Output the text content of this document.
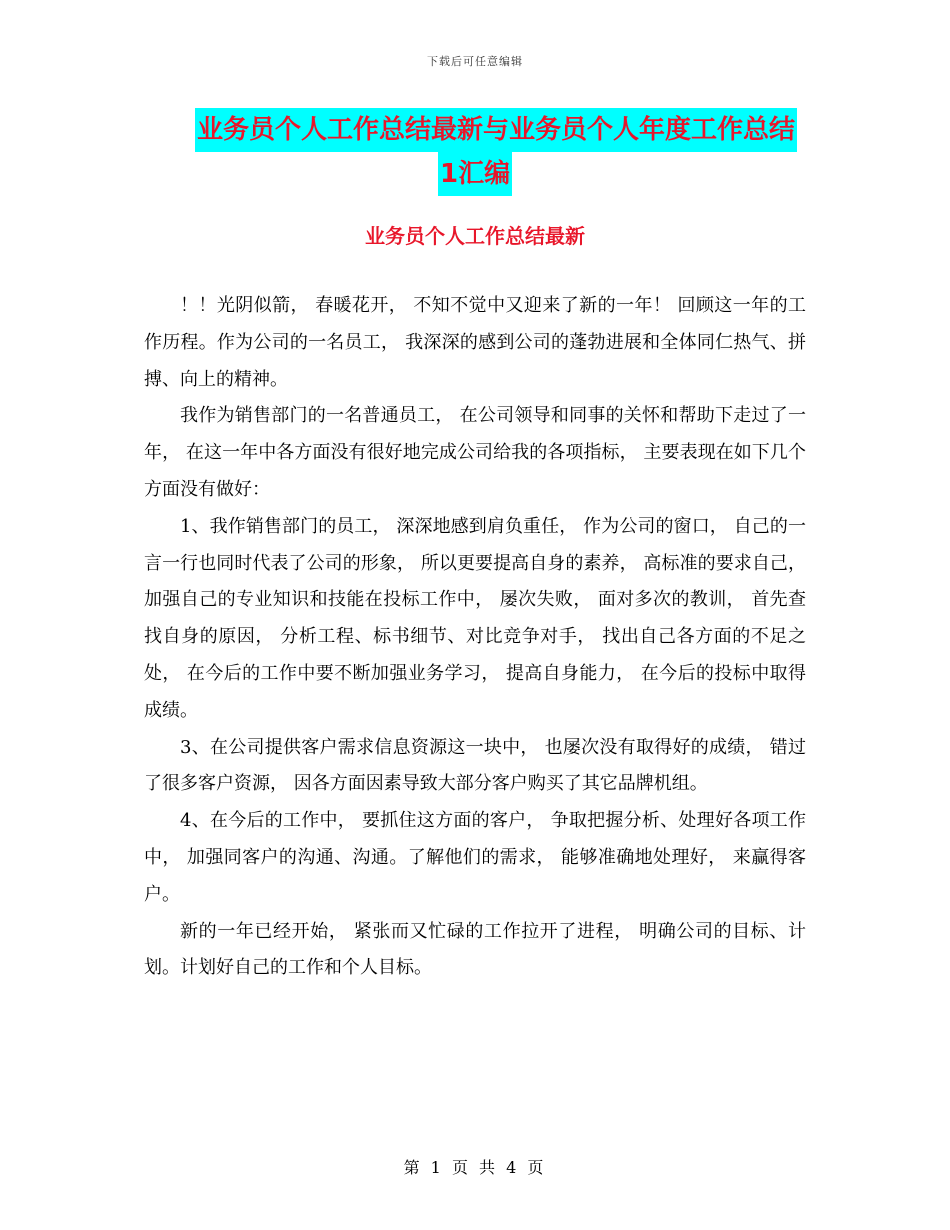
下载后可任意编辑
业务员个人工作总结最新与业务员个人年度工作总结
1汇编
业务员个人工作总结最新

！！光阴似箭， 春暖花开， 不知不觉中又迎来了新的一年！ 回顾这一年的工作历程。作为公司的一名员工， 我深深的感到公司的蓬勃进展和全体同仁热气、拼搏、向上的精神。

我作为销售部门的一名普通员工， 在公司领导和同事的关怀和帮助下走过了一年， 在这一年中各方面没有很好地完成公司给我的各项指标， 主要表现在如下几个方面没有做好：

1、我作销售部门的员工， 深深地感到肩负重任， 作为公司的窗口， 自己的一言一行也同时代表了公司的形象， 所以更要提高自身的素养， 高标准的要求自己， 加强自己的专业知识和技能在投标工作中， 屡次失败， 面对多次的教训， 首先查找自身的原因， 分析工程、标书细节、对比竞争对手， 找出自己各方面的不足之处， 在今后的工作中要不断加强业务学习， 提高自身能力， 在今后的投标中取得成绩。

3、在公司提供客户需求信息资源这一块中， 也屡次没有取得好的成绩， 错过了很多客户资源， 因各方面因素导致大部分客户购买了其它品牌机组。

4、在今后的工作中， 要抓住这方面的客户， 争取把握分析、处理好各项工作中， 加强同客户的沟通、沟通。了解他们的需求， 能够准确地处理好， 来赢得客户。

新的一年已经开始， 紧张而又忙碌的工作拉开了进程， 明确公司的目标、计划。计划好自己的工作和个人目标。

第 1 页 共 4 页
